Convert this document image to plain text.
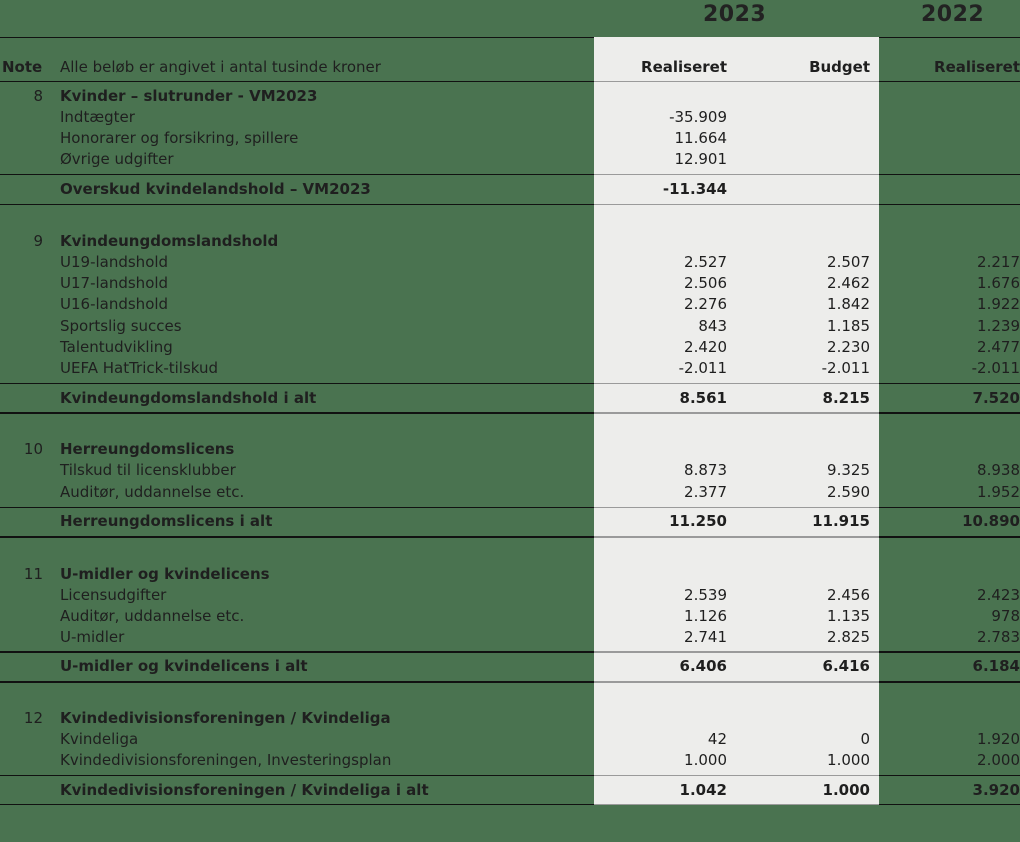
2023	2022
Note Alle beløb er angivet i antal tusinde kroner	Realiseret	Budget	Realiseret
8 Kvinder – slutrunder - VM2023
Indtægter	-35.909
Honorarer og forsikring, spillere	11.664
Øvrige udgifter	12.901
Overskud kvindelandshold – VM2023	-11.344
9 Kvindeungdomslandshold
U19-landshold	2.527	2.507	2.217
U17-landshold	2.506	2.462	1.676
U16-landshold	2.276	1.842	1.922
Sportslig succes	843	1.185	1.239
Talentudvikling	2.420	2.230	2.477
UEFA HatTrick-tilskud	-2.011	-2.011	-2.011
Kvindeungdomslandshold i alt	8.561	8.215	7.520
10 Herreungdomslicens
Tilskud til licensklubber	8.873	9.325	8.938
Auditør, uddannelse etc.	2.377	2.590	1.952
Herreungdomslicens i alt	11.250	11.915	10.890
11 U-midler og kvindelicens
Licensudgifter	2.539	2.456	2.423
Auditør, uddannelse etc.	1.126	1.135	978
U-midler	2.741	2.825	2.783
U-midler og kvindelicens i alt	6.406	6.416	6.184
12 Kvindedivisionsforeningen / Kvindeliga
Kvindeliga	42	0	1.920
Kvindedivisionsforeningen, Investeringsplan	1.000	1.000	2.000
Kvindedivisionsforeningen / Kvindeliga i alt	1.042	1.000	3.920
